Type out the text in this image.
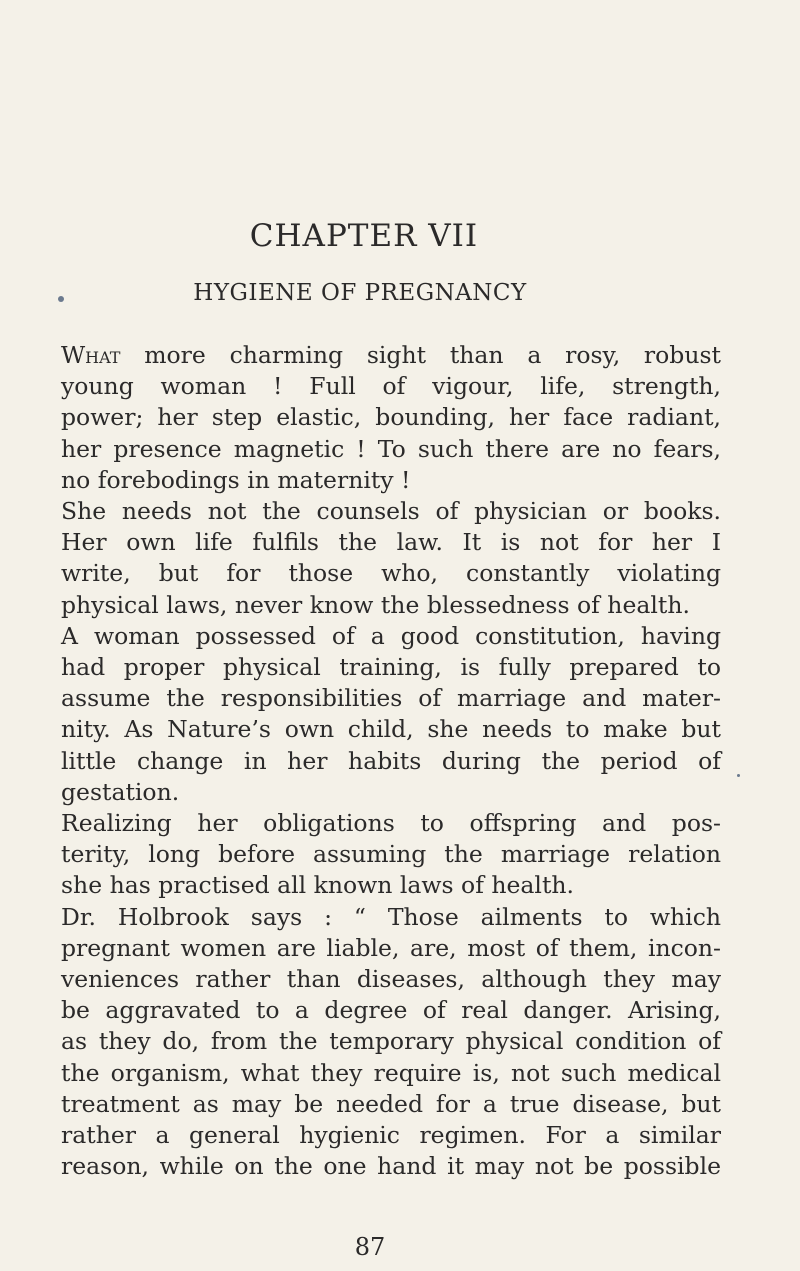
CHAPTER VII
HYGIENE OF PREGNANCY
What more charming sight than a rosy, robust
young woman ! Full of vigour, life, strength,
power; her step elastic, bounding, her face radiant,
her presence magnetic ! To such there are no fears,
no forebodings in maternity !
She needs not the counsels of physician or books.
Her own life fulfils the law. It is not for her I
write, but for those who, constantly violating
physical laws, never know the blessedness of health.
A woman possessed of a good constitution, having
had proper physical training, is fully prepared to
assume the responsibilities of marriage and mater-
nity. As Nature’s own child, she needs to make but
little change in her habits during the period of
gestation.
Realizing her obligations to offspring and pos-
terity, long before assuming the marriage relation
she has practised all known laws of health.
Dr. Holbrook says : “ Those ailments to which
pregnant women are liable, are, most of them, incon-
veniences rather than diseases, although they may
be aggravated to a degree of real danger. Arising,
as they do, from the temporary physical condition of
the organism, what they require is, not such medical
treatment as may be needed for a true disease, but
rather a general hygienic regimen. For a similar
reason, while on the one hand it may not be possible
87
